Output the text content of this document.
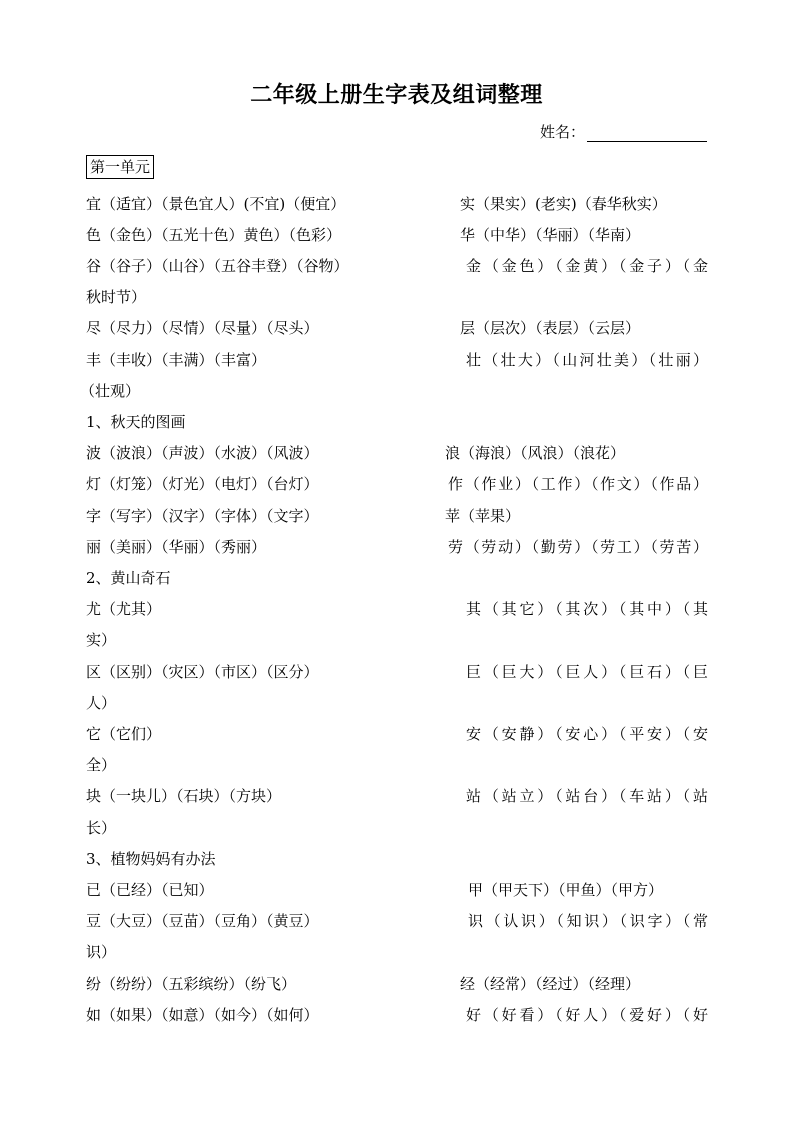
二年级上册生字表及组词整理
姓名：
第一单元
宜（适宜）（景色宜人）(不宜)（便宜）	实（果实）(老实)（春华秋实）
色（金色）（五光十色）黄色）（色彩）	华（中华）（华丽）（华南）
谷（谷子）（山谷）（五谷丰登）（谷物）	金（金色）（金黄）（金子）（金
秋时节）
尽（尽力）（尽情）（尽量）（尽头）	层（层次）（表层）（云层）
丰（丰收）（丰满）（丰富）	壮（壮大）（山河壮美）（壮丽）
（壮观）
1、秋天的图画
波（波浪）（声波）（水波）（风波）	浪（海浪）（风浪）（浪花）
灯（灯笼）（灯光）（电灯）（台灯）	作（作业）（工作）（作文）（作品）
字（写字）（汉字）（字体）（文字）	苹（苹果）
丽（美丽）（华丽）（秀丽）	劳（劳动）（勤劳）（劳工）（劳苦）
2、黄山奇石
尤（尤其）	其（其它）（其次）（其中）（其
实）
区（区别）（灾区）（市区）（区分）	巨（巨大）（巨人）（巨石）（巨
人）
它（它们）	安（安静）（安心）（平安）（安
全）
块（一块儿）（石块）（方块）	站（站立）（站台）（车站）（站
长）
3、植物妈妈有办法
已（已经）（已知）	甲（甲天下）（甲鱼）（甲方）
豆（大豆）（豆苗）（豆角）（黄豆）	识（认识）（知识）（识字）（常
识）
纷（纷纷）（五彩缤纷）（纷飞）	经（经常）（经过）（经理）
如（如果）（如意）（如今）（如何）	好（好看）（好人）（爱好）（好
